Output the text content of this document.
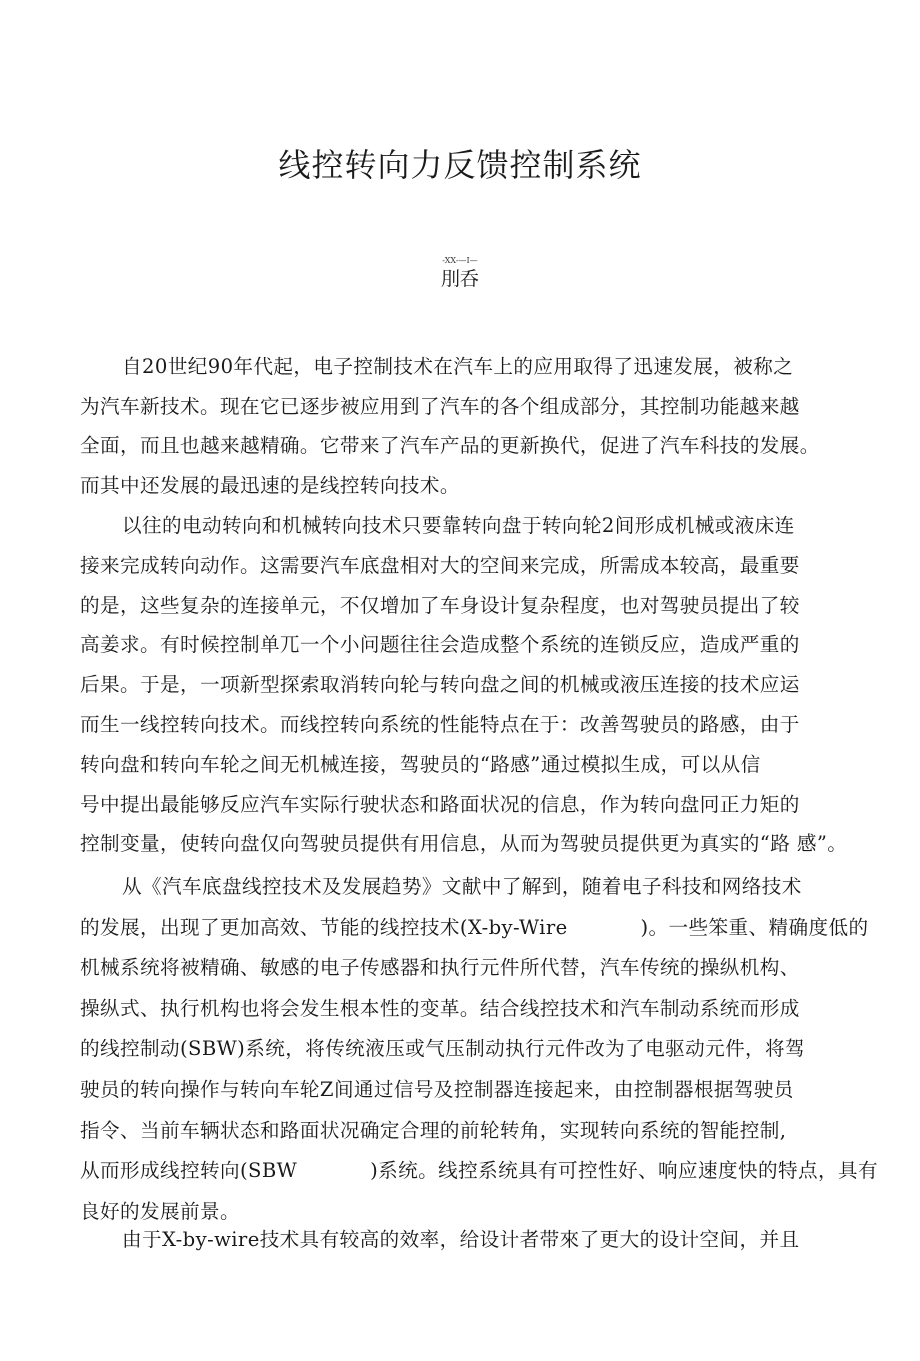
线控转向力反馈控制系统
-XX-—I—
刖呑
自20世纪90年代起，电子控制技术在汽车上的应用取得了迅速发展，被称之
为汽车新技术。现在它已逐步被应用到了汽车的各个组成部分，其控制功能越来越
全面，而且也越来越精确。它带来了汽车产品的更新换代，促进了汽车科技的发展。
而其中还发展的最迅速的是线控转向技术。
以往的电动转向和机械转向技术只要靠转向盘于转向轮2间形成机械或液床连
接来完成转向动作。这需要汽车底盘相对大的空间来完成，所需成本较高，最重要
的是，这些复杂的连接单元，不仅增加了车身设计复杂程度，也对驾驶员提出了较
高姜求。有时候控制单兀一个小问题往往会造成整个系统的连锁反应，造成严重的
后果。于是，一项新型探索取消转向轮与转向盘之间的机械或液压连接的技术应运
而生一线控转向技术。而线控转向系统的性能特点在于：改善驾驶员的路感，由于
转向盘和转向车轮之间无机械连接，驾驶员的“路感”通过模拟生成，可以从信
号中提出最能够反应汽车实际行驶状态和路面状况的信息，作为转向盘冋正力矩的
控制变量，使转向盘仅向驾驶员提供有用信息，从而为驾驶员提供更为真实的“路 感”。
从《汽车底盘线控技术及发展趋势》文献中了解到，随着电子科技和网络技术
的发展，出现了更加高效、节能的线控技术(X-by-Wire           )。一些笨重、精确度低的
机械系统将被精确、敏感的电子传感器和执行元件所代替，汽车传统的操纵机构、
操纵式、执行机构也将会发生根本性的变革。结合线控技术和汽车制动系统而形成
的线控制动(SBW)系统，将传统液压或气压制动执行元件改为了电驱动元件，将驾
驶员的转向操作与转向车轮Z间通过信号及控制器连接起来，由控制器根据驾驶员
指令、当前车辆状态和路面状况确定合理的前轮转角，实现转向系统的智能控制,
从而形成线控转向(SBW           )系统。线控系统具有可控性好、响应速度快的特点，具有
良好的发展前景。
由于X-by-wire技术具有较高的效率，给设计者带來了更大的设计空间，并且
